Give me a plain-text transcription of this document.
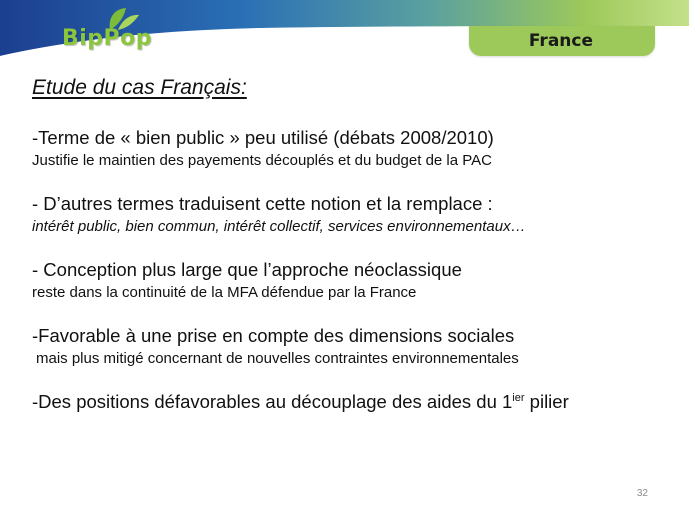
BipPop	France
Etude du cas Français:
-Terme de « bien public » peu utilisé (débats 2008/2010)
Justifie le maintien des payements découplés et du budget de la PAC
- D’autres termes traduisent cette notion et la remplace :
intérêt public, bien commun, intérêt collectif, services environnementaux…
- Conception plus large que l’approche néoclassique
reste dans la continuité de la MFA défendue par la France
-Favorable à une prise en compte des dimensions sociales
mais plus mitigé concernant de nouvelles contraintes environnementales
-Des positions défavorables au découplage des aides du $1^{ier}$ pilier
32
